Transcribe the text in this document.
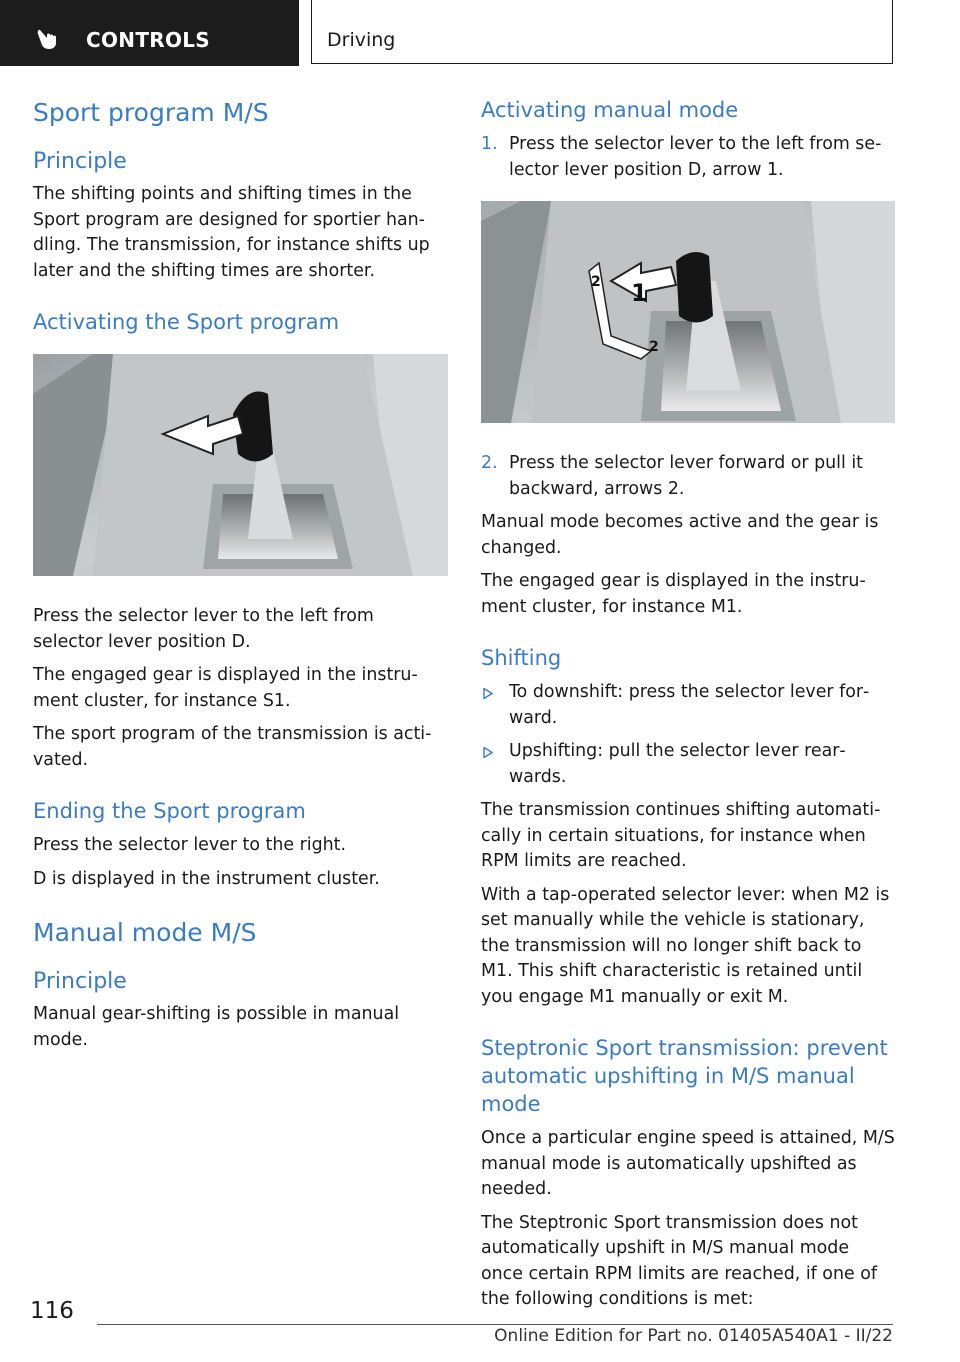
CONTROLS	Driving
Sport program M/S
Principle

The shifting points and shifting times in the Sport program are designed for sportier handling. The transmission, for instance shifts up later and the shifting times are shorter.

Activating the Sport program

Press the selector lever to the left from selector lever position D.

The engaged gear is displayed in the instrument cluster, for instance S1.

The sport program of the transmission is activated.

Ending the Sport program

Press the selector lever to the right.

D is displayed in the instrument cluster.

Manual mode M/S
Principle

Manual gear-shifting is possible in manual mode.

Activating manual mode
1. Press the selector lever to the left from selector lever position D, arrow 1.
1
2
2
2. Press the selector lever forward or pull it backward, arrows 2.

Manual mode becomes active and the gear is changed.

The engaged gear is displayed in the instrument cluster, for instance M1.

Shifting
To downshift: press the selector lever forward.
Upshifting: pull the selector lever rearwards.

The transmission continues shifting automatically in certain situations, for instance when RPM limits are reached.

With a tap-operated selector lever: when M2 is set manually while the vehicle is stationary, the transmission will no longer shift back to M1. This shift characteristic is retained until you engage M1 manually or exit M.

Steptronic Sport transmission: prevent automatic upshifting in M/S manual mode

Once a particular engine speed is attained, M/S manual mode is automatically upshifted as needed.

The Steptronic Sport transmission does not automatically upshift in M/S manual mode once certain RPM limits are reached, if one of the following conditions is met:

116
Online Edition for Part no. 01405A540A1 - II/22
